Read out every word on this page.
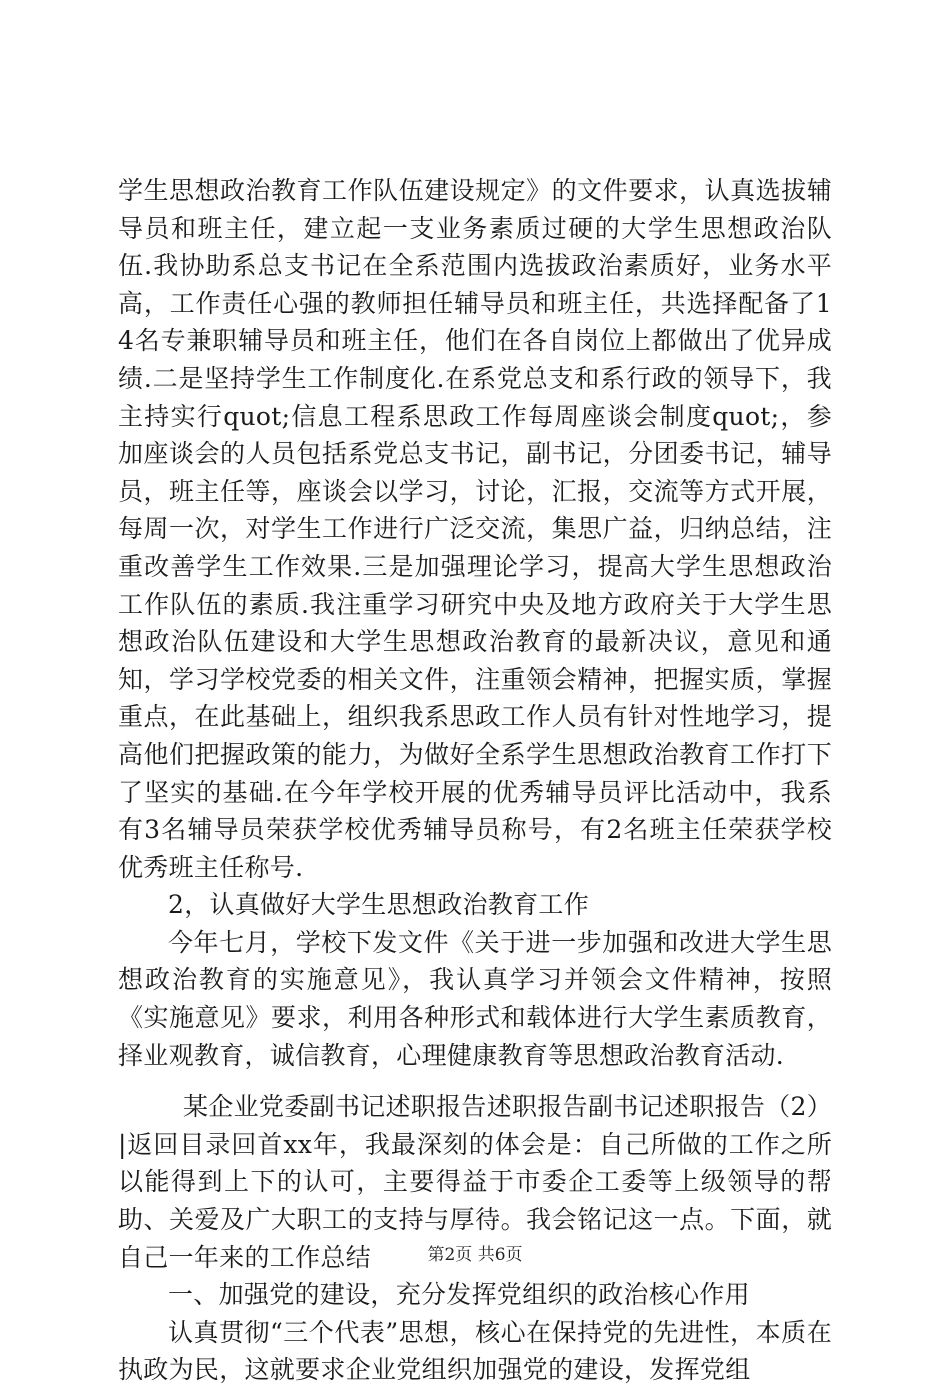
学生思想政治教育工作队伍建设规定》的文件要求，认真选拔辅导员和班主任，建立起一支业务素质过硬的大学生思想政治队伍.我协助系总支书记在全系范围内选拔政治素质好，业务水平高，工作责任心强的教师担任辅导员和班主任，共选择配备了14名专兼职辅导员和班主任，他们在各自岗位上都做出了优异成绩.二是坚持学生工作制度化.在系党总支和系行政的领导下，我主持实行quot;信息工程系思政工作每周座谈会制度quot;，参加座谈会的人员包括系党总支书记，副书记，分团委书记，辅导员，班主任等，座谈会以学习，讨论，汇报，交流等方式开展，每周一次，对学生工作进行广泛交流，集思广益，归纳总结，注重改善学生工作效果.三是加强理论学习，提高大学生思想政治工作队伍的素质.我注重学习研究中央及地方政府关于大学生思想政治队伍建设和大学生思想政治教育的最新决议，意见和通知，学习学校党委的相关文件，注重领会精神，把握实质，掌握重点，在此基础上，组织我系思政工作人员有针对性地学习，提高他们把握政策的能力，为做好全系学生思想政治教育工作打下了坚实的基础.在今年学校开展的优秀辅导员评比活动中，我系有3名辅导员荣获学校优秀辅导员称号，有2名班主任荣获学校优秀班主任称号.

2，认真做好大学生思想政治教育工作

今年七月，学校下发文件《关于进一步加强和改进大学生思想政治教育的实施意见》，我认真学习并领会文件精神，按照《实施意见》要求，利用各种形式和载体进行大学生素质教育，择业观教育，诚信教育，心理健康教育等思想政治教育活动.

某企业党委副书记述职报告述职报告副书记述职报告（2）|返回目录回首xx年，我最深刻的体会是：自己所做的工作之所以能得到上下的认可，主要得益于市委企工委等上级领导的帮助、关爱及广大职工的支持与厚待。我会铭记这一点。下面，就自己一年来的工作总结

一、加强党的建设，充分发挥党组织的政治核心作用

认真贯彻“三个代表”思想，核心在保持党的先进性，本质在执政为民，这就要求企业党组织加强党的建设，发挥党组

第2页 共6页
